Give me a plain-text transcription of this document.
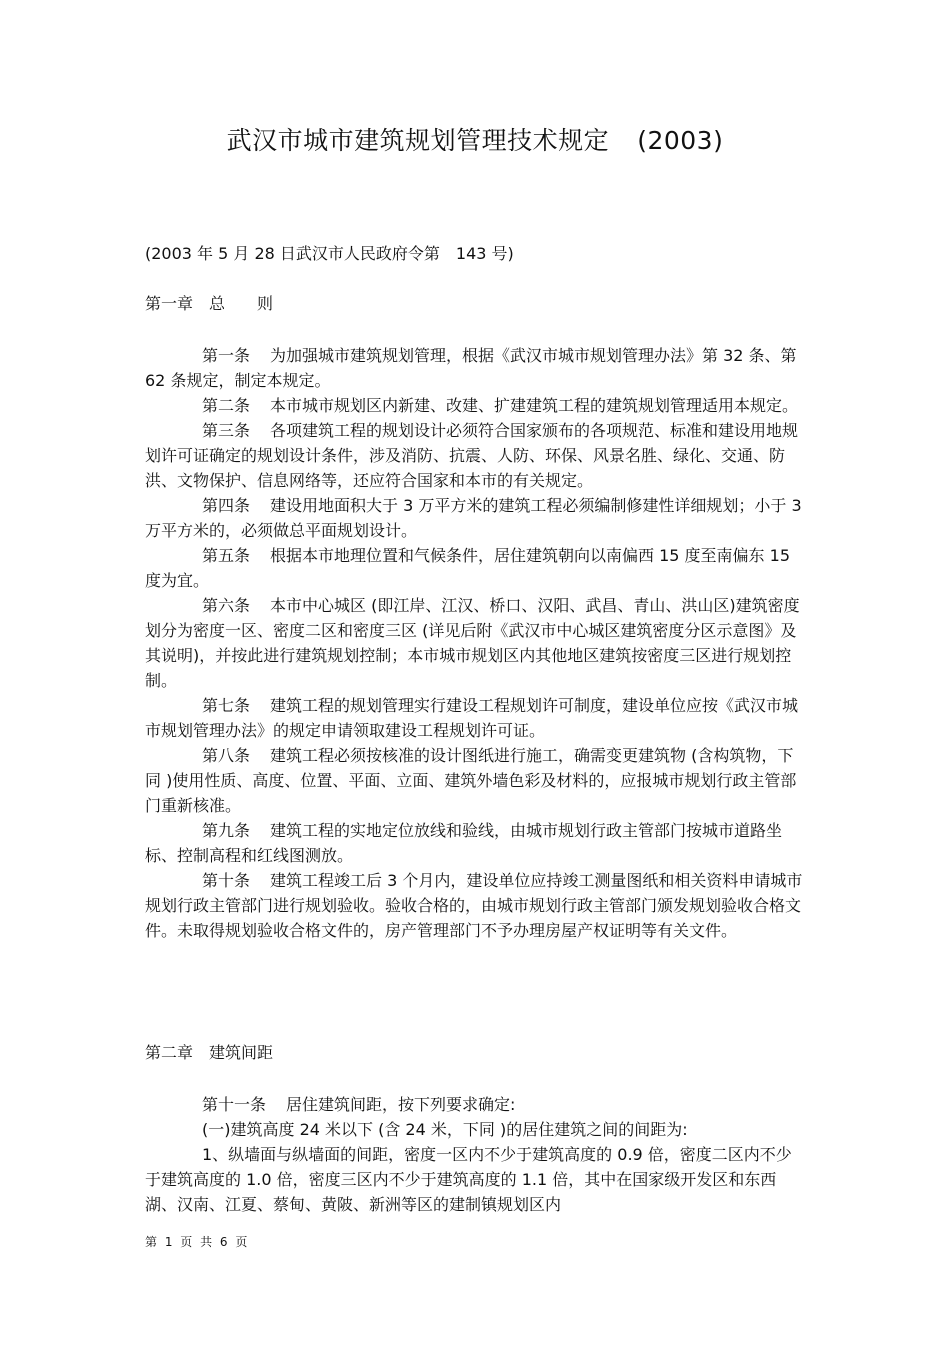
武汉市城市建筑规划管理技术规定 (2003)
(2003 年 5 月 28 日武汉市人民政府令第　143 号)
第一章 总　　则

第一条 为加强城市建筑规划管理，根据《武汉市城市规划管理办法》第 32 条、第 62 条规定，制定本规定。

第二条 本市城市规划区内新建、改建、扩建建筑工程的建筑规划管理适用本规定。

第三条 各项建筑工程的规划设计必须符合国家颁布的各项规范、标准和建设用地规划许可证确定的规划设计条件，涉及消防、抗震、人防、环保、风景名胜、绿化、交通、防洪、文物保护、信息网络等，还应符合国家和本市的有关规定。

第四条 建设用地面积大于 3 万平方米的建筑工程必须编制修建性详细规划；小于 3 万平方米的，必须做总平面规划设计。

第五条 根据本市地理位置和气候条件，居住建筑朝向以南偏西 15 度至南偏东 15 度为宜。

第六条 本市中心城区 (即江岸、江汉、桥口、汉阳、武昌、青山、洪山区)建筑密度划分为密度一区、密度二区和密度三区 (详见后附《武汉市中心城区建筑密度分区示意图》及其说明)，并按此进行建筑规划控制；本市城市规划区内其他地区建筑按密度三区进行规划控制。

第七条 建筑工程的规划管理实行建设工程规划许可制度，建设单位应按《武汉市城市规划管理办法》的规定申请领取建设工程规划许可证。

第八条 建筑工程必须按核准的设计图纸进行施工，确需变更建筑物 (含构筑物，下同 )使用性质、高度、位置、平面、立面、建筑外墙色彩及材料的，应报城市规划行政主管部门重新核准。

第九条 建筑工程的实地定位放线和验线，由城市规划行政主管部门按城市道路坐标、控制高程和红线图测放。

第十条 建筑工程竣工后 3 个月内，建设单位应持竣工测量图纸和相关资料申请城市规划行政主管部门进行规划验收。验收合格的，由城市规划行政主管部门颁发规划验收合格文件。未取得规划验收合格文件的，房产管理部门不予办理房屋产权证明等有关文件。

第二章 建筑间距

第十一条 居住建筑间距，按下列要求确定:

(一)建筑高度 24 米以下 (含 24 米，下同 )的居住建筑之间的间距为:

1、纵墙面与纵墙面的间距，密度一区内不少于建筑高度的 0.9 倍，密度二区内不少于建筑高度的 1.0 倍，密度三区内不少于建筑高度的 1.1 倍，其中在国家级开发区和东西湖、汉南、江夏、蔡甸、黄陂、新洲等区的建制镇规划区内

第 1 页 共 6 页
